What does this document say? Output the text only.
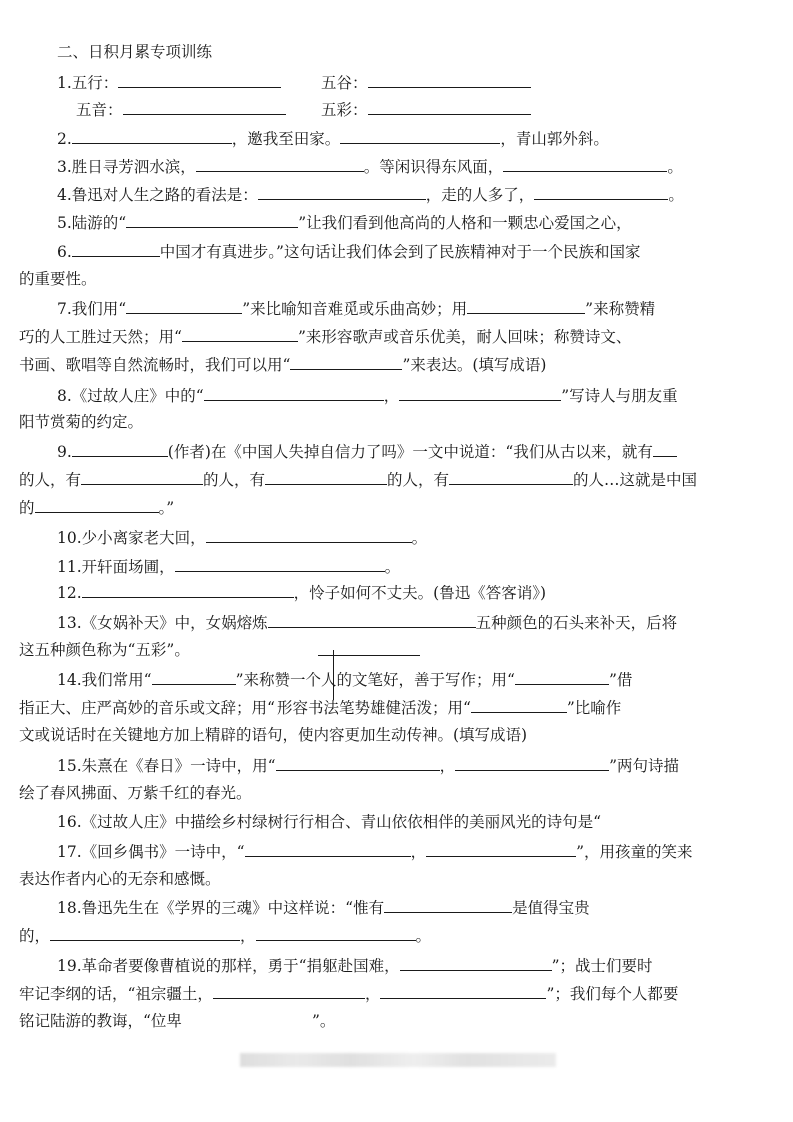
二、日积月累专项训练
1.五行：	五谷：
五音：	五彩：
2.	，邀我至田家。	，青山郭外斜。
3.胜日寻芳泗水滨，	。等闲识得东风面，	。
4.鲁迅对人生之路的看法是：	，走的人多了，	。
5.陆游的“	”让我们看到他高尚的人格和一颗忠心爱国之心，
6.	中国才有真进步。”这句话让我们体会到了民族精神对于一个民族和国家
的重要性。
7.我们用“	”来比喻知音难觅或乐曲高妙；用	”来称赞精
巧的人工胜过天然；用“	”来形容歌声或音乐优美，耐人回味；称赞诗文、
书画、歌唱等自然流畅时，我们可以用“	”来表达。(填写成语)
8.《过故人庄》中的“	，	”写诗人与朋友重
阳节赏菊的约定。
9.	(作者)在《中国人失掉自信力了吗》一文中说道：“我们从古以来，就有
的人，有	的人，有	的人，有	的人…这就是中国
的	。”
10.少小离家老大回，	。
11.开轩面场圃，	。
12.	，怜子如何不丈夫。(鲁迅《答客诮》)
13.《女娲补天》中，女娲熔炼	五种颜色的石头来补天，后将
这五种颜色称为“五彩”。
14.我们常用“	”来称赞一个人的文笔好，善于写作；用“	”借
指正大、庄严高妙的音乐或文辞；用“ 形容书法笔势雄健活泼；用“	”比喻作
文或说话时在关键地方加上精辟的语句，使内容更加生动传神。(填写成语)
15.朱熹在《春日》一诗中，用“	，	”两句诗描
绘了春风拂面、万紫千红的春光。
16.《过故人庄》中描绘乡村绿树行行相合、青山依依相伴的美丽风光的诗句是“
17.《回乡偶书》一诗中，“	，	”，用孩童的笑来
表达作者内心的无奈和感慨。
18.鲁迅先生在《学界的三魂》中这样说：“惟有	是值得宝贵
的，	，	。
19.革命者要像曹植说的那样，勇于“捐躯赴国难，	”；战士们要时
牢记李纲的话，“祖宗疆土，	，	”；我们每个人都要
铭记陆游的教诲，“位卑	”。
